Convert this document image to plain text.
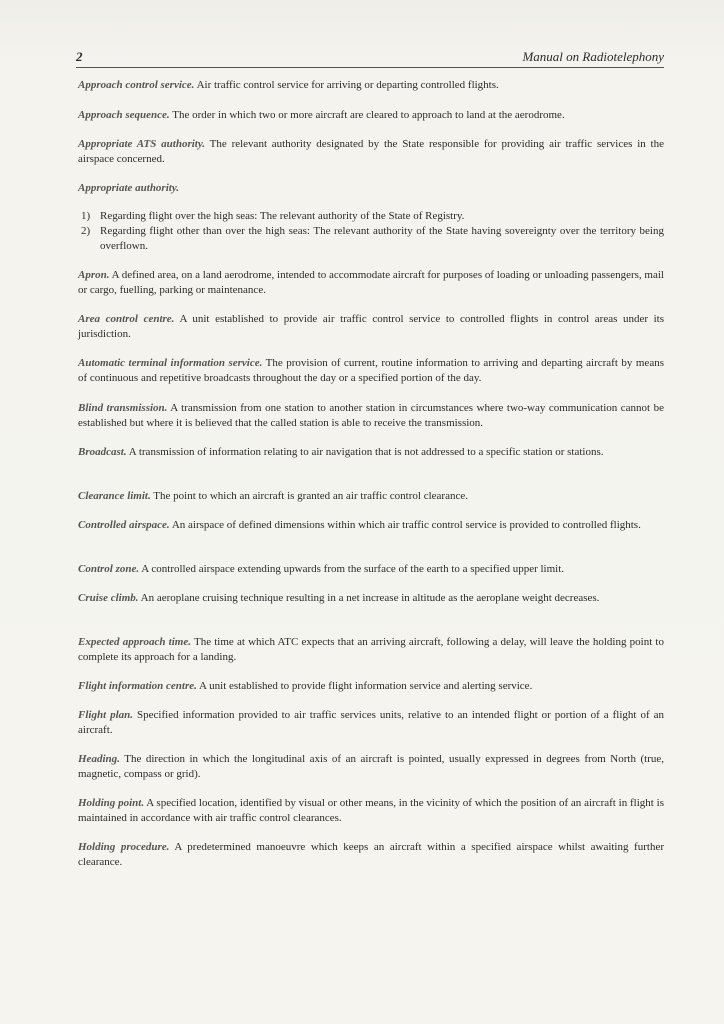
2	Manual on Radiotelephony

Approach control service. Air traffic control service for arriving or departing controlled flights.

Approach sequence. The order in which two or more aircraft are cleared to approach to land at the aerodrome.

Appropriate ATS authority. The relevant authority designated by the State responsible for providing air traffic services in the airspace concerned.

Appropriate authority.

1) Regarding flight over the high seas: The relevant authority of the State of Registry.
2) Regarding flight other than over the high seas: The relevant authority of the State having sovereignty over the territory being overflown.

Apron. A defined area, on a land aerodrome, intended to accommodate aircraft for purposes of loading or unloading passengers, mail or cargo, fuelling, parking or maintenance.

Area control centre. A unit established to provide air traffic control service to controlled flights in control areas under its jurisdiction.

Automatic terminal information service. The provision of current, routine information to arriving and departing aircraft by means of continuous and repetitive broadcasts throughout the day or a specified portion of the day.

Blind transmission. A transmission from one station to another station in circumstances where two-way communication cannot be established but where it is believed that the called station is able to receive the transmission.

Broadcast. A transmission of information relating to air navigation that is not addressed to a specific station or stations.

Clearance limit. The point to which an aircraft is granted an air traffic control clearance.

Controlled airspace. An airspace of defined dimensions within which air traffic control service is provided to controlled flights.

Control zone. A controlled airspace extending upwards from the surface of the earth to a specified upper limit.

Cruise climb. An aeroplane cruising technique resulting in a net increase in altitude as the aeroplane weight decreases.

Expected approach time. The time at which ATC expects that an arriving aircraft, following a delay, will leave the holding point to complete its approach for a landing.

Flight information centre. A unit established to provide flight information service and alerting service.

Flight plan. Specified information provided to air traffic services units, relative to an intended flight or portion of a flight of an aircraft.

Heading. The direction in which the longitudinal axis of an aircraft is pointed, usually expressed in degrees from North (true, magnetic, compass or grid).

Holding point. A specified location, identified by visual or other means, in the vicinity of which the position of an aircraft in flight is maintained in accordance with air traffic control clearances.

Holding procedure. A predetermined manoeuvre which keeps an aircraft within a specified airspace whilst awaiting further clearance.
